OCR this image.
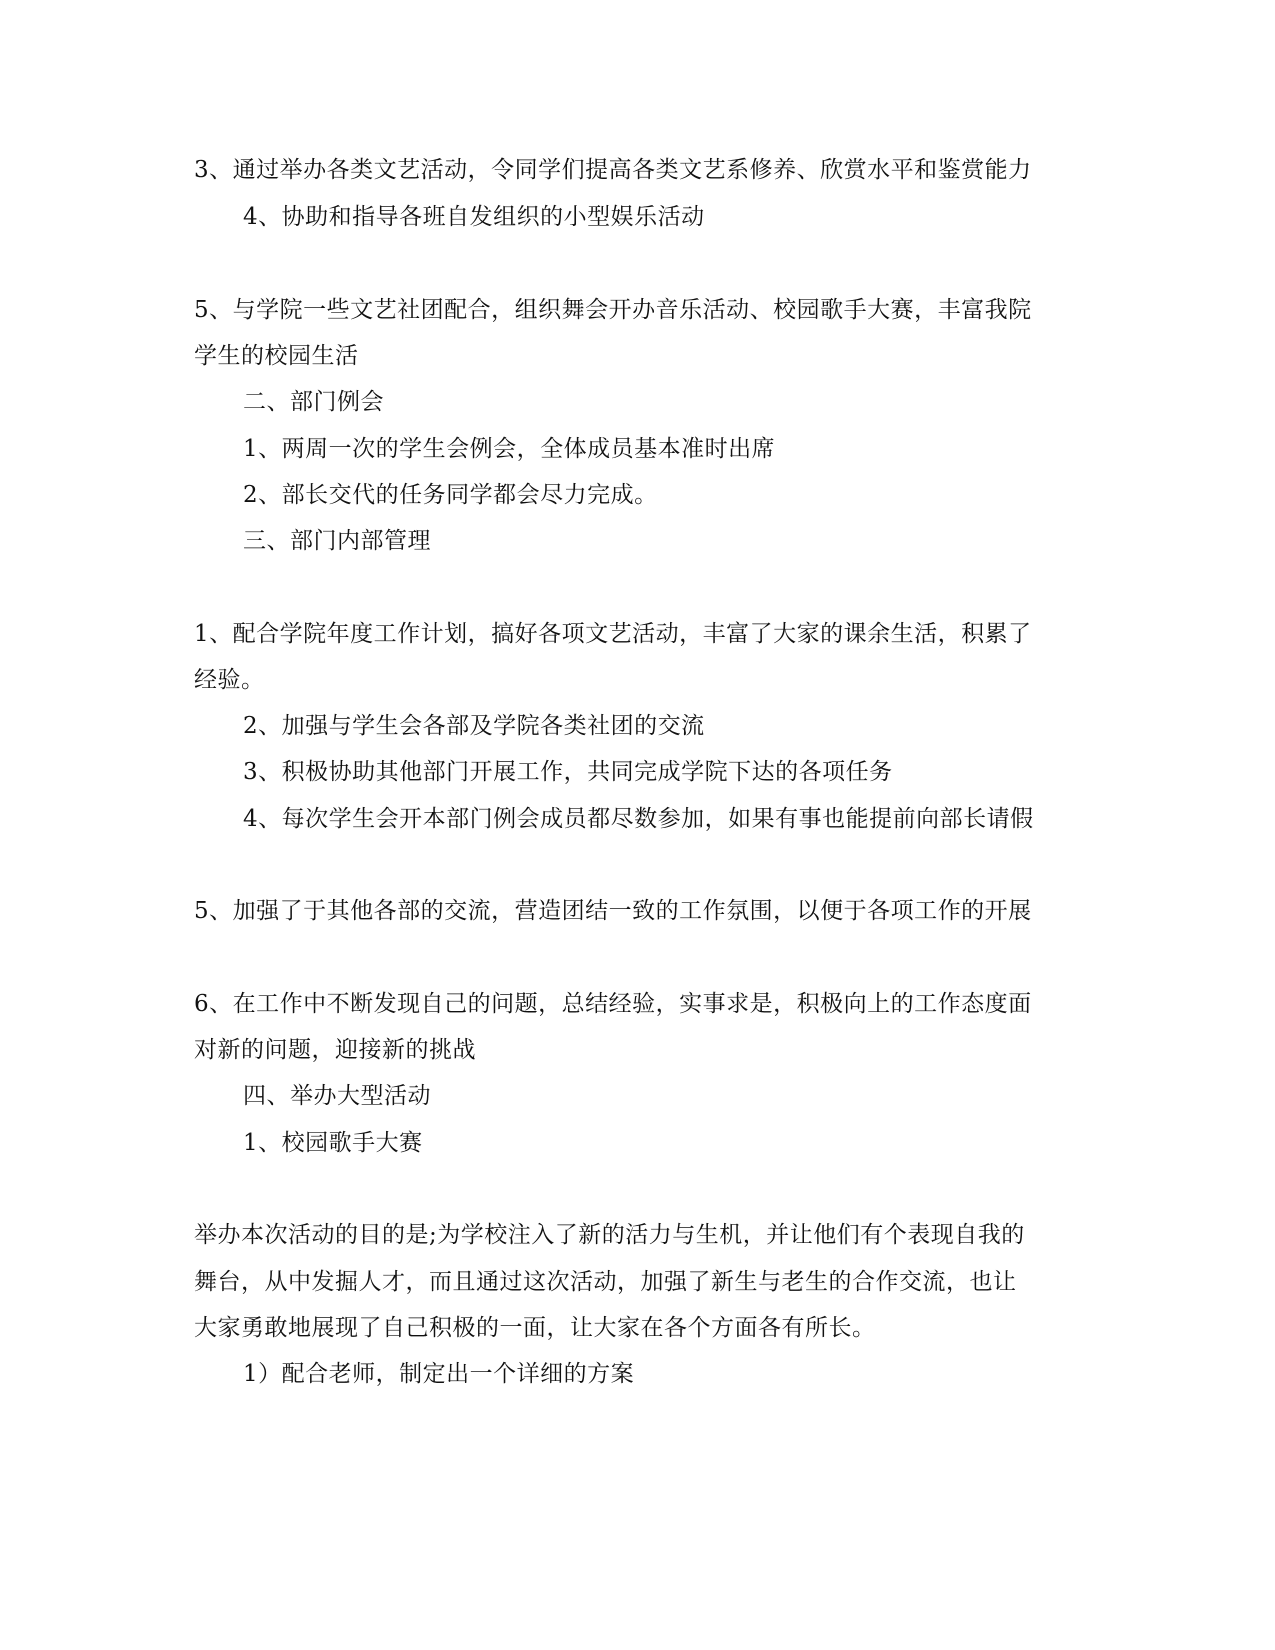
3、通过举办各类文艺活动，令同学们提高各类文艺系修养、欣赏水平和鉴赏能力
4、协助和指导各班自发组织的小型娱乐活动
5、与学院一些文艺社团配合，组织舞会开办音乐活动、校园歌手大赛，丰富我院
学生的校园生活
二、部门例会
1、两周一次的学生会例会，全体成员基本准时出席
2、部长交代的任务同学都会尽力完成。
三、部门内部管理
1、配合学院年度工作计划，搞好各项文艺活动，丰富了大家的课余生活，积累了
经验。
2、加强与学生会各部及学院各类社团的交流
3、积极协助其他部门开展工作，共同完成学院下达的各项任务
4、每次学生会开本部门例会成员都尽数参加，如果有事也能提前向部长请假
5、加强了于其他各部的交流，营造团结一致的工作氛围，以便于各项工作的开展
6、在工作中不断发现自己的问题，总结经验，实事求是，积极向上的工作态度面
对新的问题，迎接新的挑战
四、举办大型活动
1、校园歌手大赛
举办本次活动的目的是;为学校注入了新的活力与生机，并让他们有个表现自我的
舞台，从中发掘人才，而且通过这次活动，加强了新生与老生的合作交流，也让
大家勇敢地展现了自己积极的一面，让大家在各个方面各有所长。
1）配合老师，制定出一个详细的方案
